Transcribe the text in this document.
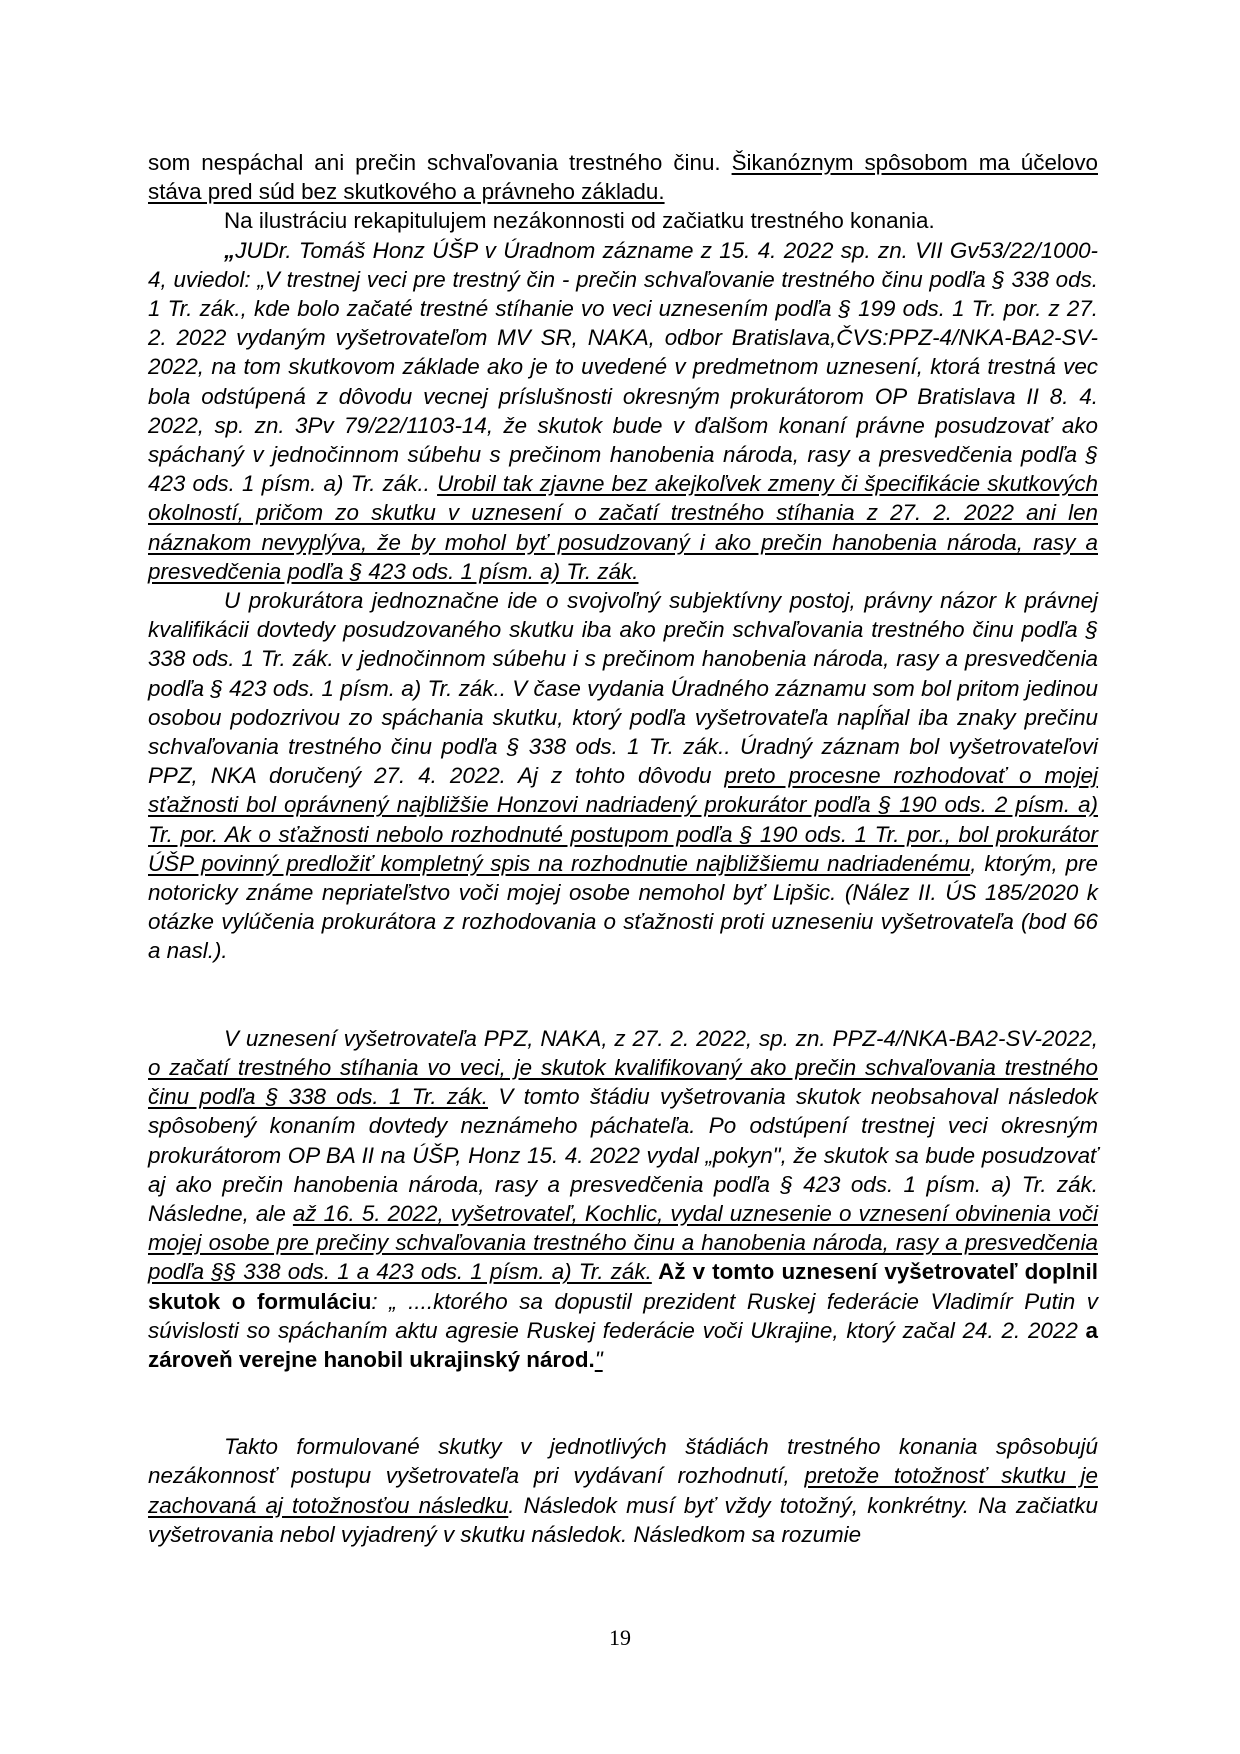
som nespáchal ani prečin schvaľovania trestného činu. Šikanóznym spôsobom ma účelovo stáva pred súd bez skutkového a právneho základu.

Na ilustráciu rekapitulujem nezákonnosti od začiatku trestného konania.

„JUDr. Tomáš Honz ÚŠP v Úradnom zázname z 15. 4. 2022 sp. zn. VII Gv53/22/1000-4, uviedol: „V trestnej veci pre trestný čin - prečin schvaľovanie trestného činu podľa § 338 ods. 1 Tr. zák., kde bolo začaté trestné stíhanie vo veci uznesením podľa § 199 ods. 1 Tr. por. z 27. 2. 2022 vydaným vyšetrovateľom MV SR, NAKA, odbor Bratislava,ČVS:PPZ-4/NKA-BA2-SV-2022, na tom skutkovom základe ako je to uvedené v predmetnom uznesení, ktorá trestná vec bola odstúpená z dôvodu vecnej príslušnosti okresným prokurátorom OP Bratislava II 8. 4. 2022, sp. zn. 3Pv 79/22/1103-14, že skutok bude v ďalšom konaní právne posudzovať ako spáchaný v jednočinnom súbehu s prečinom hanobenia národa, rasy a presvedčenia podľa § 423 ods. 1 písm. a) Tr. zák.. Urobil tak zjavne bez akejkoľvek zmeny či špecifikácie skutkových okolností, pričom zo skutku v uznesení o začatí trestného stíhania z 27. 2. 2022 ani len náznakom nevyplýva, že by mohol byť posudzovaný i ako prečin hanobenia národa, rasy a presvedčenia podľa § 423 ods. 1 písm. a) Tr. zák.

U prokurátora jednoznačne ide o svojvoľný subjektívny postoj, právny názor k právnej kvalifikácii dovtedy posudzovaného skutku iba ako prečin schvaľovania trestného činu podľa § 338 ods. 1 Tr. zák. v jednočinnom súbehu i s prečinom hanobenia národa, rasy a presvedčenia podľa § 423 ods. 1 písm. a) Tr. zák.. V čase vydania Úradného záznamu som bol pritom jedinou osobou podozrivou zo spáchania skutku, ktorý podľa vyšetrovateľa napĺňal iba znaky prečinu schvaľovania trestného činu podľa § 338 ods. 1 Tr. zák.. Úradný záznam bol vyšetrovateľovi PPZ, NKA doručený 27. 4. 2022. Aj z tohto dôvodu preto procesne rozhodovať o mojej sťažnosti bol oprávnený najbližšie Honzovi nadriadený prokurátor podľa § 190 ods. 2 písm. a) Tr. por. Ak o sťažnosti nebolo rozhodnuté postupom podľa § 190 ods. 1 Tr. por., bol prokurátor ÚŠP povinný predložiť kompletný spis na rozhodnutie najbližšiemu nadriadenému, ktorým, pre notoricky známe nepriateľstvo voči mojej osobe nemohol byť Lipšic. (Nález II. ÚS 185/2020 k otázke vylúčenia prokurátora z rozhodovania o sťažnosti proti uzneseniu vyšetrovateľa (bod 66 a nasl.).

V uznesení vyšetrovateľa PPZ, NAKA, z 27. 2. 2022, sp. zn. PPZ-4/NKA-BA2-SV-2022, o začatí trestného stíhania vo veci, je skutok kvalifikovaný ako prečin schvaľovania trestného činu podľa § 338 ods. 1 Tr. zák. V tomto štádiu vyšetrovania skutok neobsahoval následok spôsobený konaním dovtedy neznámeho páchateľa. Po odstúpení trestnej veci okresným prokurátorom OP BA II na ÚŠP, Honz 15. 4. 2022 vydal „pokyn", že skutok sa bude posudzovať aj ako prečin hanobenia národa, rasy a presvedčenia podľa § 423 ods. 1 písm. a) Tr. zák. Následne, ale až 16. 5. 2022, vyšetrovateľ, Kochlic, vydal uznesenie o vznesení obvinenia voči mojej osobe pre prečiny schvaľovania trestného činu a hanobenia národa, rasy a presvedčenia podľa §§ 338 ods. 1 a 423 ods. 1 písm. a) Tr. zák. Až v tomto uznesení vyšetrovateľ doplnil skutok o formuláciu: „ ....ktorého sa dopustil prezident Ruskej federácie Vladimír Putin v súvislosti so spáchaním aktu agresie Ruskej federácie voči Ukrajine, ktorý začal 24. 2. 2022 a zároveň verejne hanobil ukrajinský národ."

Takto formulované skutky v jednotlivých štádiách trestného konania spôsobujú nezákonnosť postupu vyšetrovateľa pri vydávaní rozhodnutí, pretože totožnosť skutku je zachovaná aj totožnosťou následku. Následok musí byť vždy totožný, konkrétny. Na začiatku vyšetrovania nebol vyjadrený v skutku následok. Následkom sa rozumie

19
